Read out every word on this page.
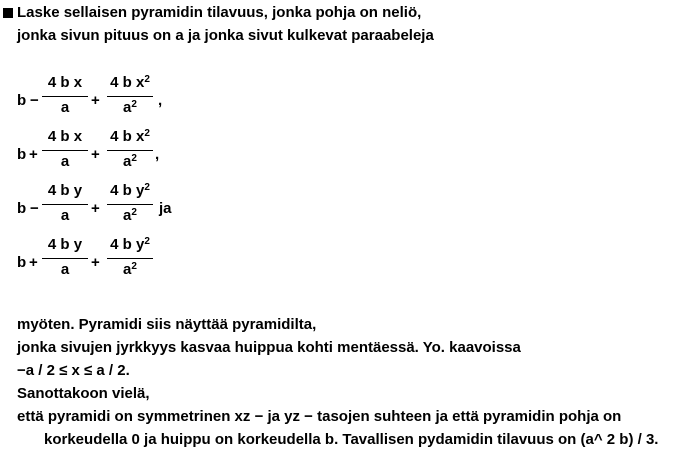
Laske sellaisen pyramidin tilavuus, jonka pohja on neliö,
jonka sivun pituus on a ja jonka sivut kulkevat paraabeleja
b −
4 b x
a	+
4 b $x^2$
$a^2$	,
b +
4 b x
a	+
4 b $x^2$
$a^2$	,
b −
4 b y
a	+
4 b $y^2$
$a^2$	ja
b +
4 b y
a	+
4 b $y^2$
$a^2$
myöten. Pyramidi siis näyttää pyramidilta,
jonka sivujen jyrkkyys kasvaa huippua kohti mentäessä. Yo. kaavoissa
−a / 2 ≤ x ≤ a / 2.
Sanottakoon vielä,
että pyramidi on symmetrinen xz − ja yz − tasojen suhteen ja että pyramidin pohja on
korkeudella 0 ja huippu on korkeudella b. Tavallisen pydamidin tilavuus on (a^ 2 b) / 3.
